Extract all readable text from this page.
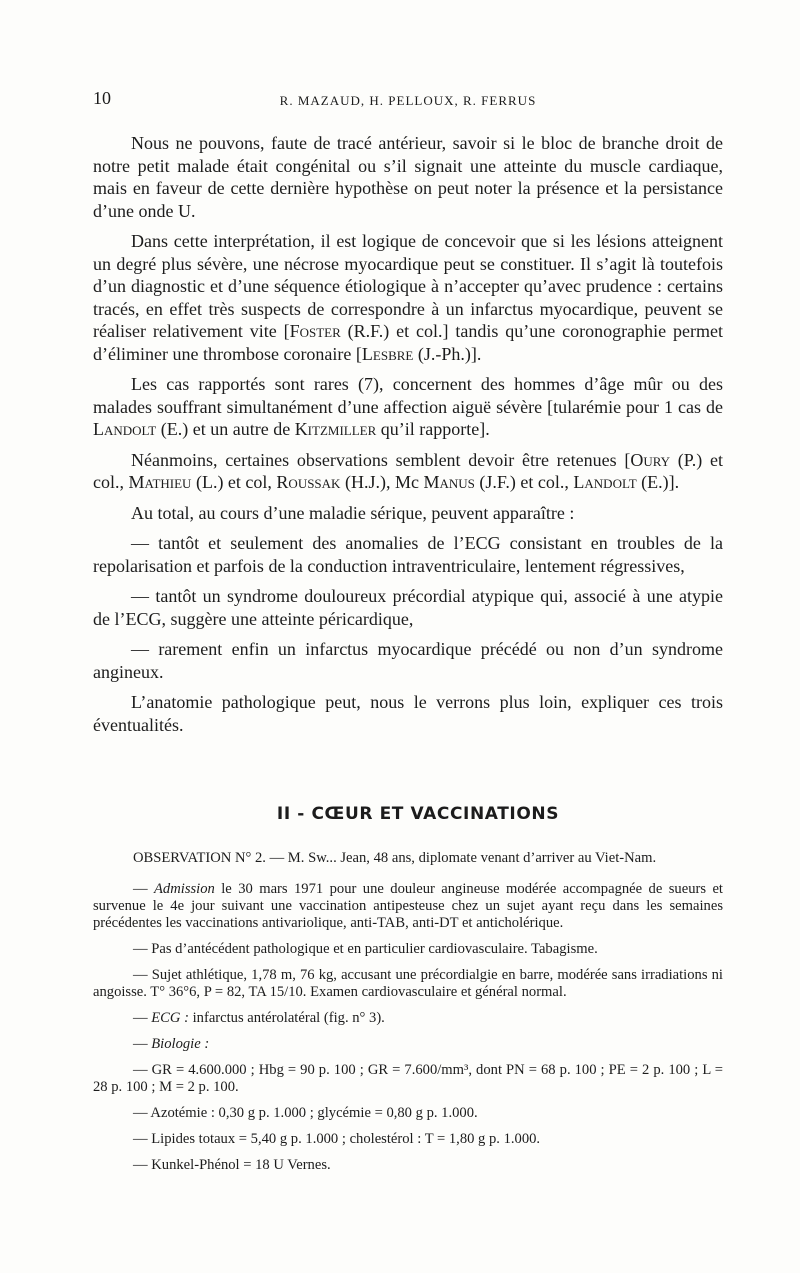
10	R. MAZAUD, H. PELLOUX, R. FERRUS

Nous ne pouvons, faute de tracé antérieur, savoir si le bloc de branche droit de notre petit malade était congénital ou s’il signait une atteinte du muscle cardiaque, mais en faveur de cette dernière hypothèse on peut noter la présence et la persistance d’une onde U.

Dans cette interprétation, il est logique de concevoir que si les lésions atteignent un degré plus sévère, une nécrose myocardique peut se constituer. Il s’agit là toutefois d’un diagnostic et d’une séquence étiologique à n’accepter qu’avec prudence : certains tracés, en effet très suspects de correspondre à un infarctus myocardique, peuvent se réaliser relativement vite [Foster (R.F.) et col.] tandis qu’une coronographie permet d’éliminer une thrombose coronaire [Lesbre (J.-Ph.)].

Les cas rapportés sont rares (7), concernent des hommes d’âge mûr ou des malades souffrant simultanément d’une affection aiguë sévère [tularémie pour 1 cas de Landolt (E.) et un autre de Kitzmiller qu’il rapporte].

Néanmoins, certaines observations semblent devoir être retenues [Oury (P.) et col., Mathieu (L.) et col, Roussak (H.J.), Mc Manus (J.F.) et col., Landolt (E.)].

Au total, au cours d’une maladie sérique, peuvent apparaître :

— tantôt et seulement des anomalies de l’ECG consistant en troubles de la repolarisation et parfois de la conduction intraventriculaire, lentement régressives,

— tantôt un syndrome douloureux précordial atypique qui, associé à une atypie de l’ECG, suggère une atteinte péricardique,

— rarement enfin un infarctus myocardique précédé ou non d’un syndrome angineux.

L’anatomie pathologique peut, nous le verrons plus loin, expliquer ces trois éventualités.

II - CŒUR ET VACCINATIONS

OBSERVATION N° 2. — M. Sw... Jean, 48 ans, diplomate venant d’arriver au Viet-Nam.

— Admission le 30 mars 1971 pour une douleur angineuse modérée accompagnée de sueurs et survenue le 4e jour suivant une vaccination antipesteuse chez un sujet ayant reçu dans les semaines précédentes les vaccinations antivariolique, anti-TAB, anti-DT et anticholérique.

— Pas d’antécédent pathologique et en particulier cardiovasculaire. Tabagisme.

— Sujet athlétique, 1,78 m, 76 kg, accusant une précordialgie en barre, modérée sans irradiations ni angoisse. T° 36°6, P = 82, TA 15/10. Examen cardiovasculaire et général normal.

— ECG : infarctus antérolatéral (fig. n° 3).

— Biologie :

— GR = 4.600.000 ; Hbg = 90 p. 100 ; GR = 7.600/mm³, dont PN = 68 p. 100 ; PE = 2 p. 100 ; L = 28 p. 100 ; M = 2 p. 100.

— Azotémie : 0,30 g p. 1.000 ; glycémie = 0,80 g p. 1.000.

— Lipides totaux = 5,40 g p. 1.000 ; cholestérol : T = 1,80 g p. 1.000.

— Kunkel-Phénol = 18 U Vernes.
